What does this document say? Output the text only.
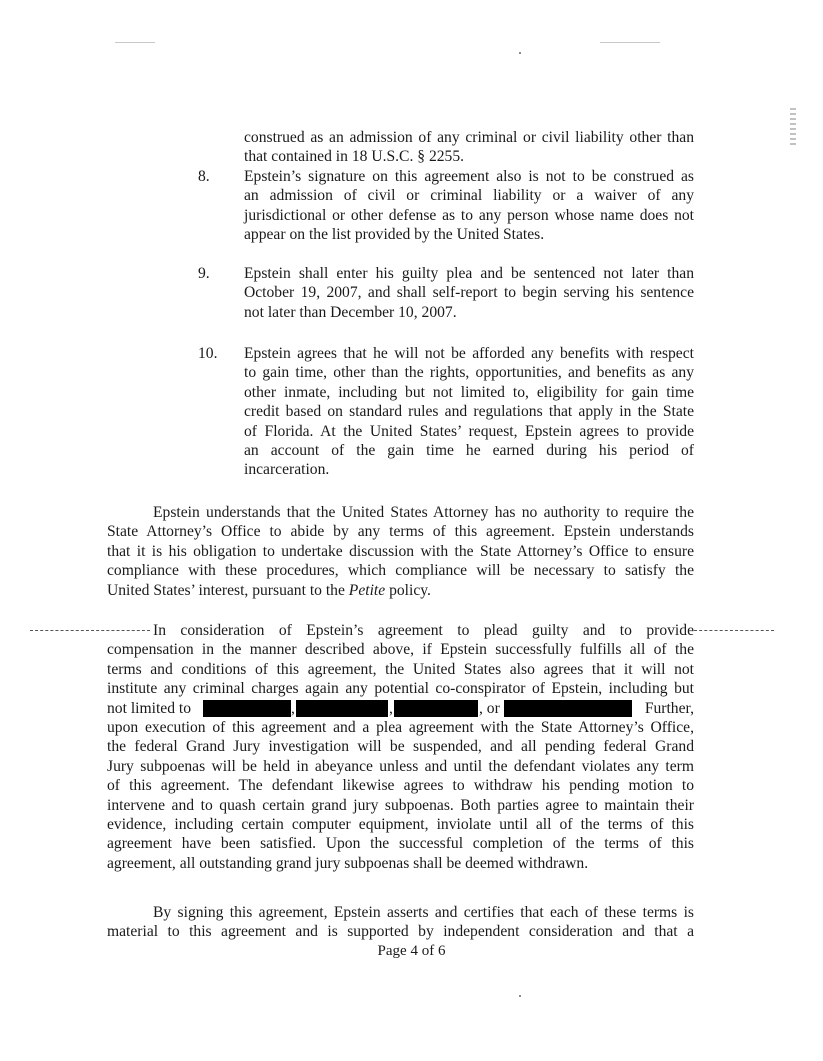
construed as an admission of any criminal or civil liability other than
that contained in 18 U.S.C. § 2255.
8.	Epstein’s signature on this agreement also is not to be construed as
an admission of civil or criminal liability or a waiver of any
jurisdictional or other defense as to any person whose name does not
appear on the list provided by the United States.
9.	Epstein shall enter his guilty plea and be sentenced not later than
October 19, 2007, and shall self-report to begin serving his sentence
not later than December 10, 2007.
10.	Epstein agrees that he will not be afforded any benefits with respect
to gain time, other than the rights, opportunities, and benefits as any
other inmate, including but not limited to, eligibility for gain time
credit based on standard rules and regulations that apply in the State
of Florida. At the United States’ request, Epstein agrees to provide
an account of the gain time he earned during his period of
incarceration.
Epstein understands that the United States Attorney has no authority to require the
State Attorney’s Office to abide by any terms of this agreement. Epstein understands
that it is his obligation to undertake discussion with the State Attorney’s Office to ensure
compliance with these procedures, which compliance will be necessary to satisfy the
United States’ interest, pursuant to the Petite policy.
In consideration of Epstein’s agreement to plead guilty and to provide
compensation in the manner described above, if Epstein successfully fulfills all of the
terms and conditions of this agreement, the United States also agrees that it will not
institute any criminal charges again any potential co-conspirator of Epstein, including but
not limited to	,	,	, or	Further,
upon execution of this agreement and a plea agreement with the State Attorney’s Office,
the federal Grand Jury investigation will be suspended, and all pending federal Grand
Jury subpoenas will be held in abeyance unless and until the defendant violates any term
of this agreement. The defendant likewise agrees to withdraw his pending motion to
intervene and to quash certain grand jury subpoenas. Both parties agree to maintain their
evidence, including certain computer equipment, inviolate until all of the terms of this
agreement have been satisfied. Upon the successful completion of the terms of this
agreement, all outstanding grand jury subpoenas shall be deemed withdrawn.
By signing this agreement, Epstein asserts and certifies that each of these terms is
material to this agreement and is supported by independent consideration and that a
Page 4 of 6
